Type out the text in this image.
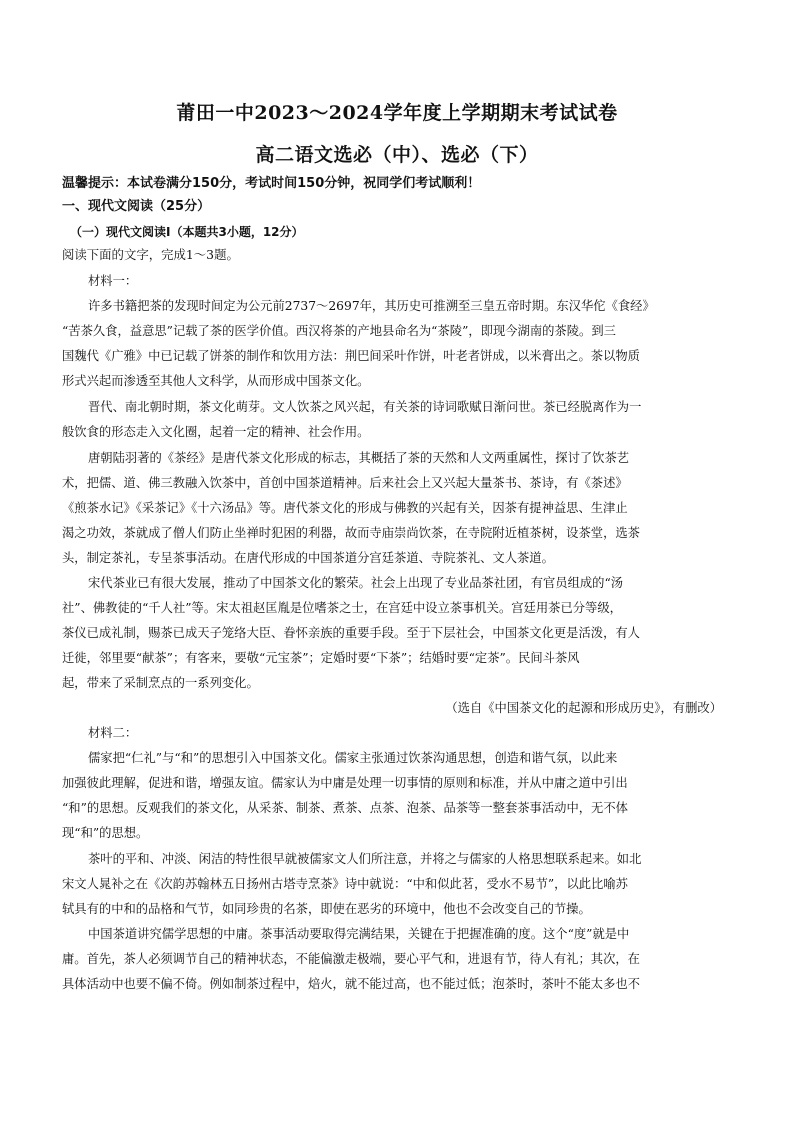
莆田一中2023～2024学年度上学期期末考试试卷
高二语文选必（中）、选必（下）

温馨提示：本试卷满分150分，考试时间150分钟，祝同学们考试顺利！

一、现代文阅读（25分）

（一）现代文阅读Ⅰ（本题共3小题，12分）

阅读下面的文字，完成1～3题。

材料一：

许多书籍把茶的发现时间定为公元前2737～2697年，其历史可推溯至三皇五帝时期。东汉华佗《食经》

“苦茶久食，益意思”记载了茶的医学价值。西汉将茶的产地县命名为“茶陵”，即现今湖南的茶陵。到三

国魏代《广雅》中已记载了饼茶的制作和饮用方法：荆巴间采叶作饼，叶老者饼成，以米膏出之。茶以物质

形式兴起而渗透至其他人文科学，从而形成中国茶文化。

晋代、南北朝时期，茶文化萌芽。文人饮茶之风兴起，有关茶的诗词歌赋日渐问世。茶已经脱离作为一

般饮食的形态走入文化圈，起着一定的精神、社会作用。

唐朝陆羽著的《茶经》是唐代茶文化形成的标志，其概括了茶的天然和人文两重属性，探讨了饮茶艺

术，把儒、道、佛三教融入饮茶中，首创中国茶道精神。后来社会上又兴起大量茶书、茶诗，有《茶述》

《煎茶水记》《采茶记》《十六汤品》等。唐代茶文化的形成与佛教的兴起有关，因茶有提神益思、生津止

渴之功效，茶就成了僧人们防止坐禅时犯困的利器，故而寺庙崇尚饮茶，在寺院附近植茶树，设茶堂，选茶

头，制定茶礼，专呈茶事活动。在唐代形成的中国茶道分宫廷茶道、寺院茶礼、文人茶道。

宋代茶业已有很大发展，推动了中国茶文化的繁荣。社会上出现了专业品茶社团，有官员组成的“汤

社”、佛教徒的“千人社”等。宋太祖赵匡胤是位嗜茶之士，在宫廷中设立茶事机关。宫廷用茶已分等级，

茶仪已成礼制，赐茶已成天子笼络大臣、眷怀亲族的重要手段。至于下层社会，中国茶文化更是活泼，有人

迁徙，邻里要“献茶”；有客来，要敬“元宝茶”；定婚时要“下茶”；结婚时要“定茶”。民间斗茶风

起，带来了采制烹点的一系列变化。

（选自《中国茶文化的起源和形成历史》，有删改）

材料二：

儒家把“仁礼”与“和”的思想引入中国茶文化。儒家主张通过饮茶沟通思想，创造和谐气氛，以此来

加强彼此理解，促进和谐，增强友谊。儒家认为中庸是处理一切事情的原则和标准，并从中庸之道中引出

“和”的思想。反观我们的茶文化，从采茶、制茶、煮茶、点茶、泡茶、品茶等一整套茶事活动中，无不体

现“和”的思想。

茶叶的平和、冲淡、闲洁的特性很早就被儒家文人们所注意，并将之与儒家的人格思想联系起来。如北

宋文人晁补之在《次韵苏翰林五日扬州古塔寺烹茶》诗中就说：“中和似此茗，受水不易节”，以此比喻苏

轼具有的中和的品格和气节，如同珍贵的名茶，即使在恶劣的环境中，他也不会改变自己的节操。

中国茶道讲究儒学思想的中庸。茶事活动要取得完满结果，关键在于把握准确的度。这个“度”就是中

庸。首先，茶人必须调节自己的精神状态，不能偏激走极端，要心平气和，进退有节，待人有礼；其次，在

具体活动中也要不偏不倚。例如制茶过程中，焙火，就不能过高，也不能过低；泡茶时，茶叶不能太多也不
